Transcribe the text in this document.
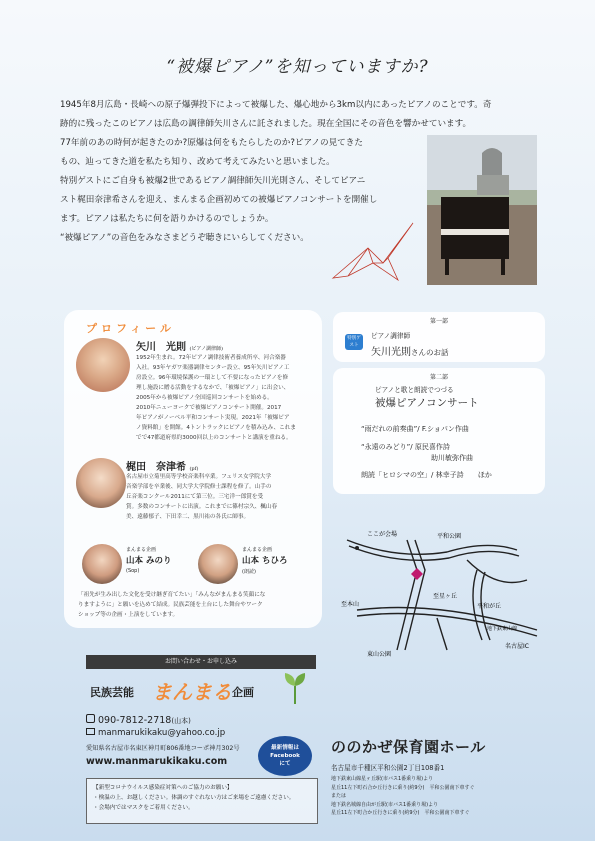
“被爆ピアノ”を知っていますか?

1945年8月広島・長崎への原子爆弾投下によって被爆した、爆心地から3km以内にあったピアノのことです。奇

跡的に残ったこのピアノは広島の調律師矢川さんに託されました。現在全国にその音色を響かせています。

77年前のあの時何が起きたのか?原爆は何をもたらしたのか?ピアノの見てきた

もの、辿ってきた道を私たち知り、改めて考えてみたいと思いました。

特別ゲストにご自身も被爆2世であるピアノ調律師矢川光則さん、そしてピアニ

スト梶田奈津希さんを迎え、まんまる企画初めての被爆ピアノコンサートを開催し

ます。ピアノは私たちに何を語りかけるのでしょうか。

“被爆ピアノ”の音色をみなさまどうぞ聴きにいらしてください。

プロフィール
矢川　光則 (ピアノ調律師)

1952年生まれ。72年ピアノ調律技術者養成所卒、河合楽器

入社。93年ヤガワ楽器調律センター設立、95年矢川ピアノ工

房設立。96年環境保護の一環として不要になったピアノを修

理し施設に贈る活動をするなかで、「被爆ピアノ」に出会い、

2005年から被爆ピアノ全国巡回コンサートを始める。

2010年ニューヨークで被爆ピアノコンサート開催。2017

年ピアノがノーベル平和コンサート実現。2021年「被爆ピア

ノ資料館」を開館。4トントラックにピアノを積み込み、これま

でで47都道府県約3000回以上のコンサートと講演を重ねる。

梶田　奈津希 (pf)

名古屋市立菊里高等学校音楽科卒業。フェリス女学院大学

音楽学部を卒業後、同大学大学院修士課程を修了。山手の

丘音楽コンクール2011にて第三位。三宅洋一郎賞を受

賞。多数のコンサートに出演。これまでに篠村宗久、楓山春

美、遠藤郁子、下田幸二、黒川祐の各氏に師事。

まんまる企画
山本 みのり
(Sop)
まんまる企画
山本 ちひろ
(朗読)

「祖先が生み出した文化を受け継ぎ育てたい」「みんながまんまる笑顔にな

りますように」と願いを込めて結成。民族芸能を土台にした舞台やワーク

ショップ等の企画・上演をしています。

第一部
特別ゲスト
ピアノ調律師
矢川光則さんのお話
第二部
ピアノと歌と朗読でつづる
被爆ピアノコンサート
“雨だれの前奏曲”/ F.ショパン作曲
“永遠のみどり”/ 原民喜作詩
助川敏弥作曲
朗読「ヒロシマの空」/ 林幸子詩 ほか
ここが会場	平和公園
平和が丘
名古屋IC
東山公園
地下鉄東山線
至本山
至星ヶ丘
お問い合わせ・お申し込み
民族芸能 まんまる 企画
090-7812-2718(山本)
manmarukikaku@yahoo.co.jp
愛知県名古屋市名東区神月町806番地コーポ神月302号
www.manmarukikaku.com
最新情報は
Facebook
にて

【新型コロナウイルス感染症対策へのご協力のお願い】

・検温の上、お越しください。体調のすぐれない方はご来場をご遠慮ください。

・会場内ではマスクをご着用ください。

ののかぜ保育園ホール
名古屋市千種区平和公園2丁目108番1

地下鉄東山線星ヶ丘駅(市バス1番乗り場)より

星丘11左下町石合か丘行きに乗り(約9分)　平和公園南下車すぐ

または

地下鉄名城線自由が丘駅(市バス1番乗り場)より

星丘11左下町合か丘行きに乗り(約9分)　平和公園南下車すぐ
